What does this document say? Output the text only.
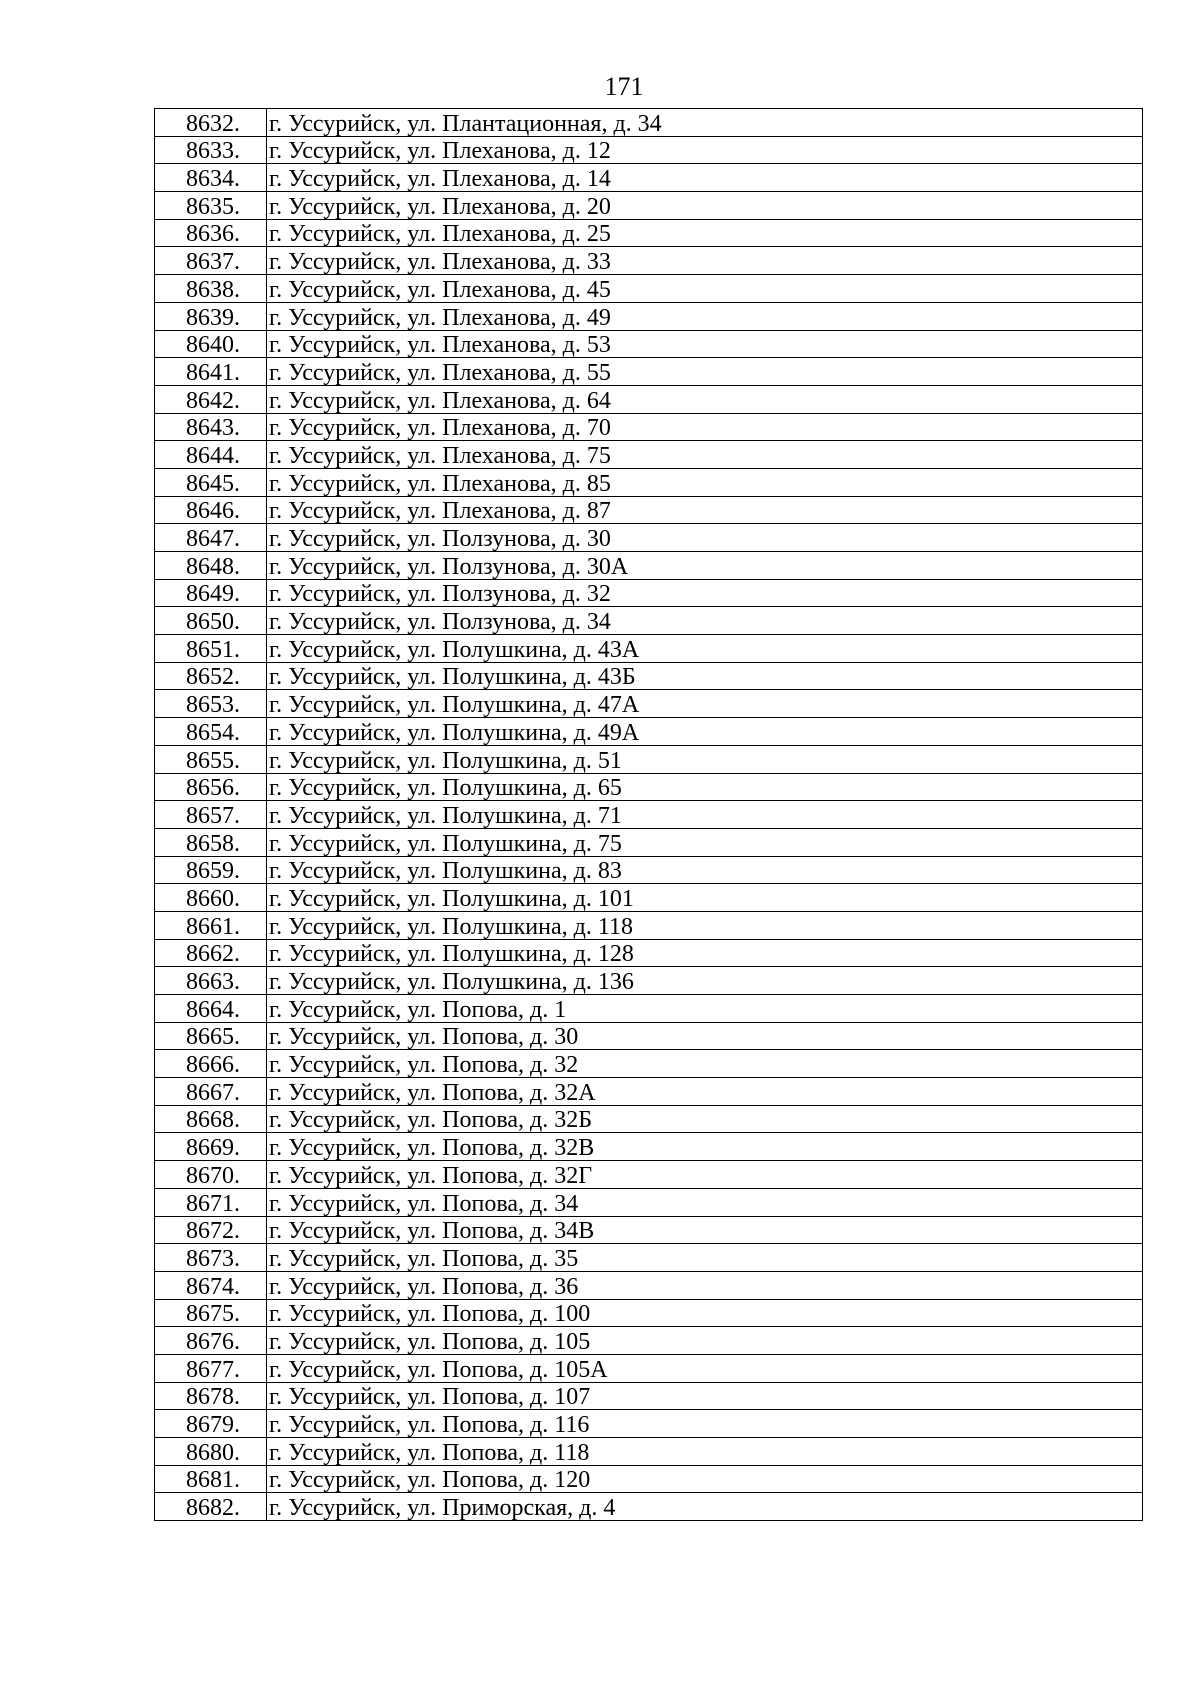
171
8632.	г. Уссурийск, ул. Плантационная, д. 34
8633.	г. Уссурийск, ул. Плеханова, д. 12
8634.	г. Уссурийск, ул. Плеханова, д. 14
8635.	г. Уссурийск, ул. Плеханова, д. 20
8636.	г. Уссурийск, ул. Плеханова, д. 25
8637.	г. Уссурийск, ул. Плеханова, д. 33
8638.	г. Уссурийск, ул. Плеханова, д. 45
8639.	г. Уссурийск, ул. Плеханова, д. 49
8640.	г. Уссурийск, ул. Плеханова, д. 53
8641.	г. Уссурийск, ул. Плеханова, д. 55
8642.	г. Уссурийск, ул. Плеханова, д. 64
8643.	г. Уссурийск, ул. Плеханова, д. 70
8644.	г. Уссурийск, ул. Плеханова, д. 75
8645.	г. Уссурийск, ул. Плеханова, д. 85
8646.	г. Уссурийск, ул. Плеханова, д. 87
8647.	г. Уссурийск, ул. Ползунова, д. 30
8648.	г. Уссурийск, ул. Ползунова, д. 30А
8649.	г. Уссурийск, ул. Ползунова, д. 32
8650.	г. Уссурийск, ул. Ползунова, д. 34
8651.	г. Уссурийск, ул. Полушкина, д. 43А
8652.	г. Уссурийск, ул. Полушкина, д. 43Б
8653.	г. Уссурийск, ул. Полушкина, д. 47А
8654.	г. Уссурийск, ул. Полушкина, д. 49А
8655.	г. Уссурийск, ул. Полушкина, д. 51
8656.	г. Уссурийск, ул. Полушкина, д. 65
8657.	г. Уссурийск, ул. Полушкина, д. 71
8658.	г. Уссурийск, ул. Полушкина, д. 75
8659.	г. Уссурийск, ул. Полушкина, д. 83
8660.	г. Уссурийск, ул. Полушкина, д. 101
8661.	г. Уссурийск, ул. Полушкина, д. 118
8662.	г. Уссурийск, ул. Полушкина, д. 128
8663.	г. Уссурийск, ул. Полушкина, д. 136
8664.	г. Уссурийск, ул. Попова, д. 1
8665.	г. Уссурийск, ул. Попова, д. 30
8666.	г. Уссурийск, ул. Попова, д. 32
8667.	г. Уссурийск, ул. Попова, д. 32А
8668.	г. Уссурийск, ул. Попова, д. 32Б
8669.	г. Уссурийск, ул. Попова, д. 32В
8670.	г. Уссурийск, ул. Попова, д. 32Г
8671.	г. Уссурийск, ул. Попова, д. 34
8672.	г. Уссурийск, ул. Попова, д. 34В
8673.	г. Уссурийск, ул. Попова, д. 35
8674.	г. Уссурийск, ул. Попова, д. 36
8675.	г. Уссурийск, ул. Попова, д. 100
8676.	г. Уссурийск, ул. Попова, д. 105
8677.	г. Уссурийск, ул. Попова, д. 105А
8678.	г. Уссурийск, ул. Попова, д. 107
8679.	г. Уссурийск, ул. Попова, д. 116
8680.	г. Уссурийск, ул. Попова, д. 118
8681.	г. Уссурийск, ул. Попова, д. 120
8682.	г. Уссурийск, ул. Приморская, д. 4
